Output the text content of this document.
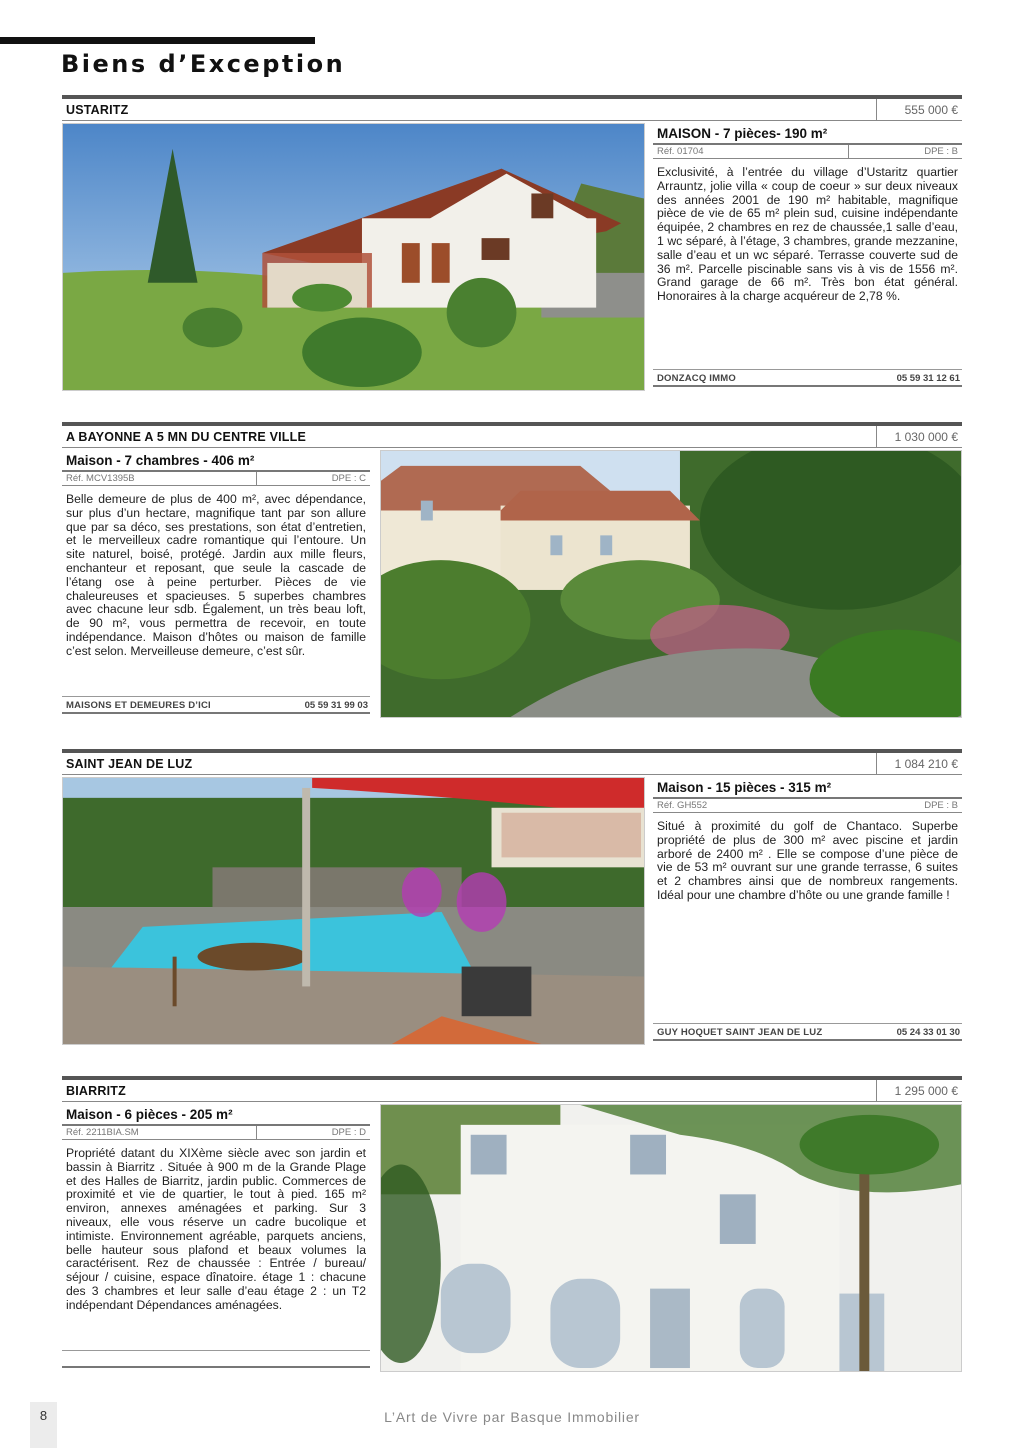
Biens d’Exception
USTARITZ	555 000 €
MAISON - 7 pièces- 190 m²
Réf. 01704	DPE : B

Exclusivité, à l’entrée du village d’Ustaritz quartier Arrauntz, jolie villa « coup de coeur » sur deux niveaux des années 2001 de 190 m² habitable, magnifique pièce de vie de 65 m² plein sud, cuisine indépendante équipée, 2 chambres en rez de chaussée,1 salle d’eau, 1 wc séparé, à l’étage, 3 chambres, grande mezzanine, salle d’eau et un wc séparé. Terrasse couverte sud de 36 m². Parcelle piscinable sans vis à vis de 1556 m². Grand garage de 66 m². Très bon état général. Honoraires à la charge acquéreur de 2,78 %.

DONZACQ IMMO	05 59 31 12 61
A BAYONNE A 5 MN DU CENTRE VILLE	1 030 000 €
Maison - 7 chambres - 406 m²
Réf. MCV1395B	DPE : C

Belle demeure de plus de 400 m², avec dépendance, sur plus d’un hectare, magnifique tant par son allure que par sa déco, ses prestations, son état d’entretien, et le merveilleux cadre romantique qui l’entoure. Un site naturel, boisé, protégé. Jardin aux mille fleurs, enchanteur et reposant, que seule la cascade de l’étang ose à peine perturber. Pièces de vie chaleureuses et spacieuses. 5 superbes chambres avec chacune leur sdb. Également, un très beau loft, de 90 m², vous permettra de recevoir, en toute indépendance. Maison d’hôtes ou maison de famille c’est selon. Merveilleuse demeure, c’est sûr.

MAISONS ET DEMEURES D’ICI	05 59 31 99 03
SAINT JEAN DE LUZ	1 084 210 €
Maison - 15 pièces - 315 m²
Réf. GH552	DPE : B

Situé à proximité du golf de Chantaco. Superbe propriété de plus de 300 m² avec piscine et jardin arboré de 2400 m² . Elle se compose d’une pièce de vie de 53 m² ouvrant sur une grande terrasse, 6 suites et 2 chambres ainsi que de nombreux rangements. Idéal pour une chambre d’hôte ou une grande famille !

GUY HOQUET SAINT JEAN DE LUZ	05 24 33 01 30
BIARRITZ	1 295 000 €
Maison - 6 pièces - 205 m²
Réf. 2211BIA.SM	DPE : D

Propriété datant du XIXème siècle avec son jardin et bassin à Biarritz . Située à 900 m de la Grande Plage et des Halles de Biarritz, jardin public. Commerces de proximité et vie de quartier, le tout à pied. 165 m² environ, annexes aménagées et parking. Sur 3 niveaux, elle vous réserve un cadre bucolique et intimiste. Environnement agréable, parquets anciens, belle hauteur sous plafond et beaux volumes la caractérisent. Rez de chaussée : Entrée / bureau/ séjour / cuisine, espace dînatoire. étage 1 : chacune des 3 chambres et leur salle d’eau étage 2 : un T2 indépendant Dépendances aménagées.

8	L’Art de Vivre par Basque Immobilier
